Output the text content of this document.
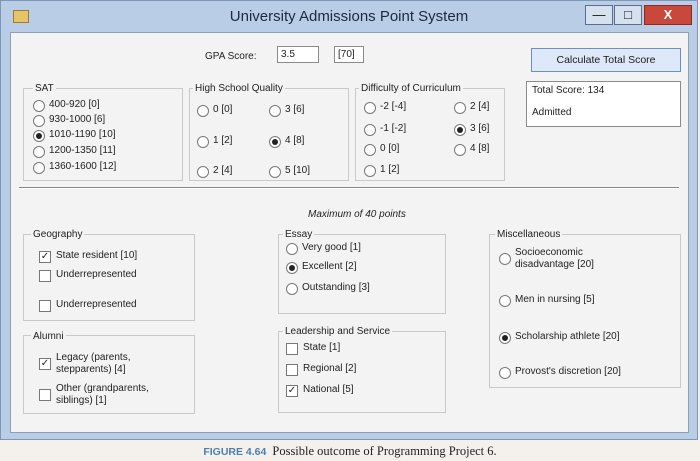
University Admissions Point System	—	□	X
GPA Score:	3.5	[70]	Calculate Total Score
Total Score: 134
Admitted
SAT
400-920 [0]
930-1000 [6]
1010-1190 [10]
1200-1350 [11]
1360-1600 [12]
High School Quality
0 [0]	3 [6]
1 [2]	4 [8]
2 [4]	5 [10]
Difficulty of Curriculum
-2 [-4]	2 [4]
-1 [-2]	3 [6]
0 [0]	4 [8]
1 [2]
Maximum of 40 points
Geography
✓ State resident [10]
Underrepresented
Underrepresented
Alumni
✓
Legacy (parents,
stepparents) [4]
Other (grandparents,
siblings) [1]
Essay
Very good [1]
Excellent [2]
Outstanding [3]
Leadership and Service
State [1]
Regional [2]
✓ National [5]
Miscellaneous
Socioeconomic
disadvantage [20]
Men in nursing [5]
Scholarship athlete [20]
Provost's discretion [20]
FIGURE 4.64 Possible outcome of Programming Project 6.
